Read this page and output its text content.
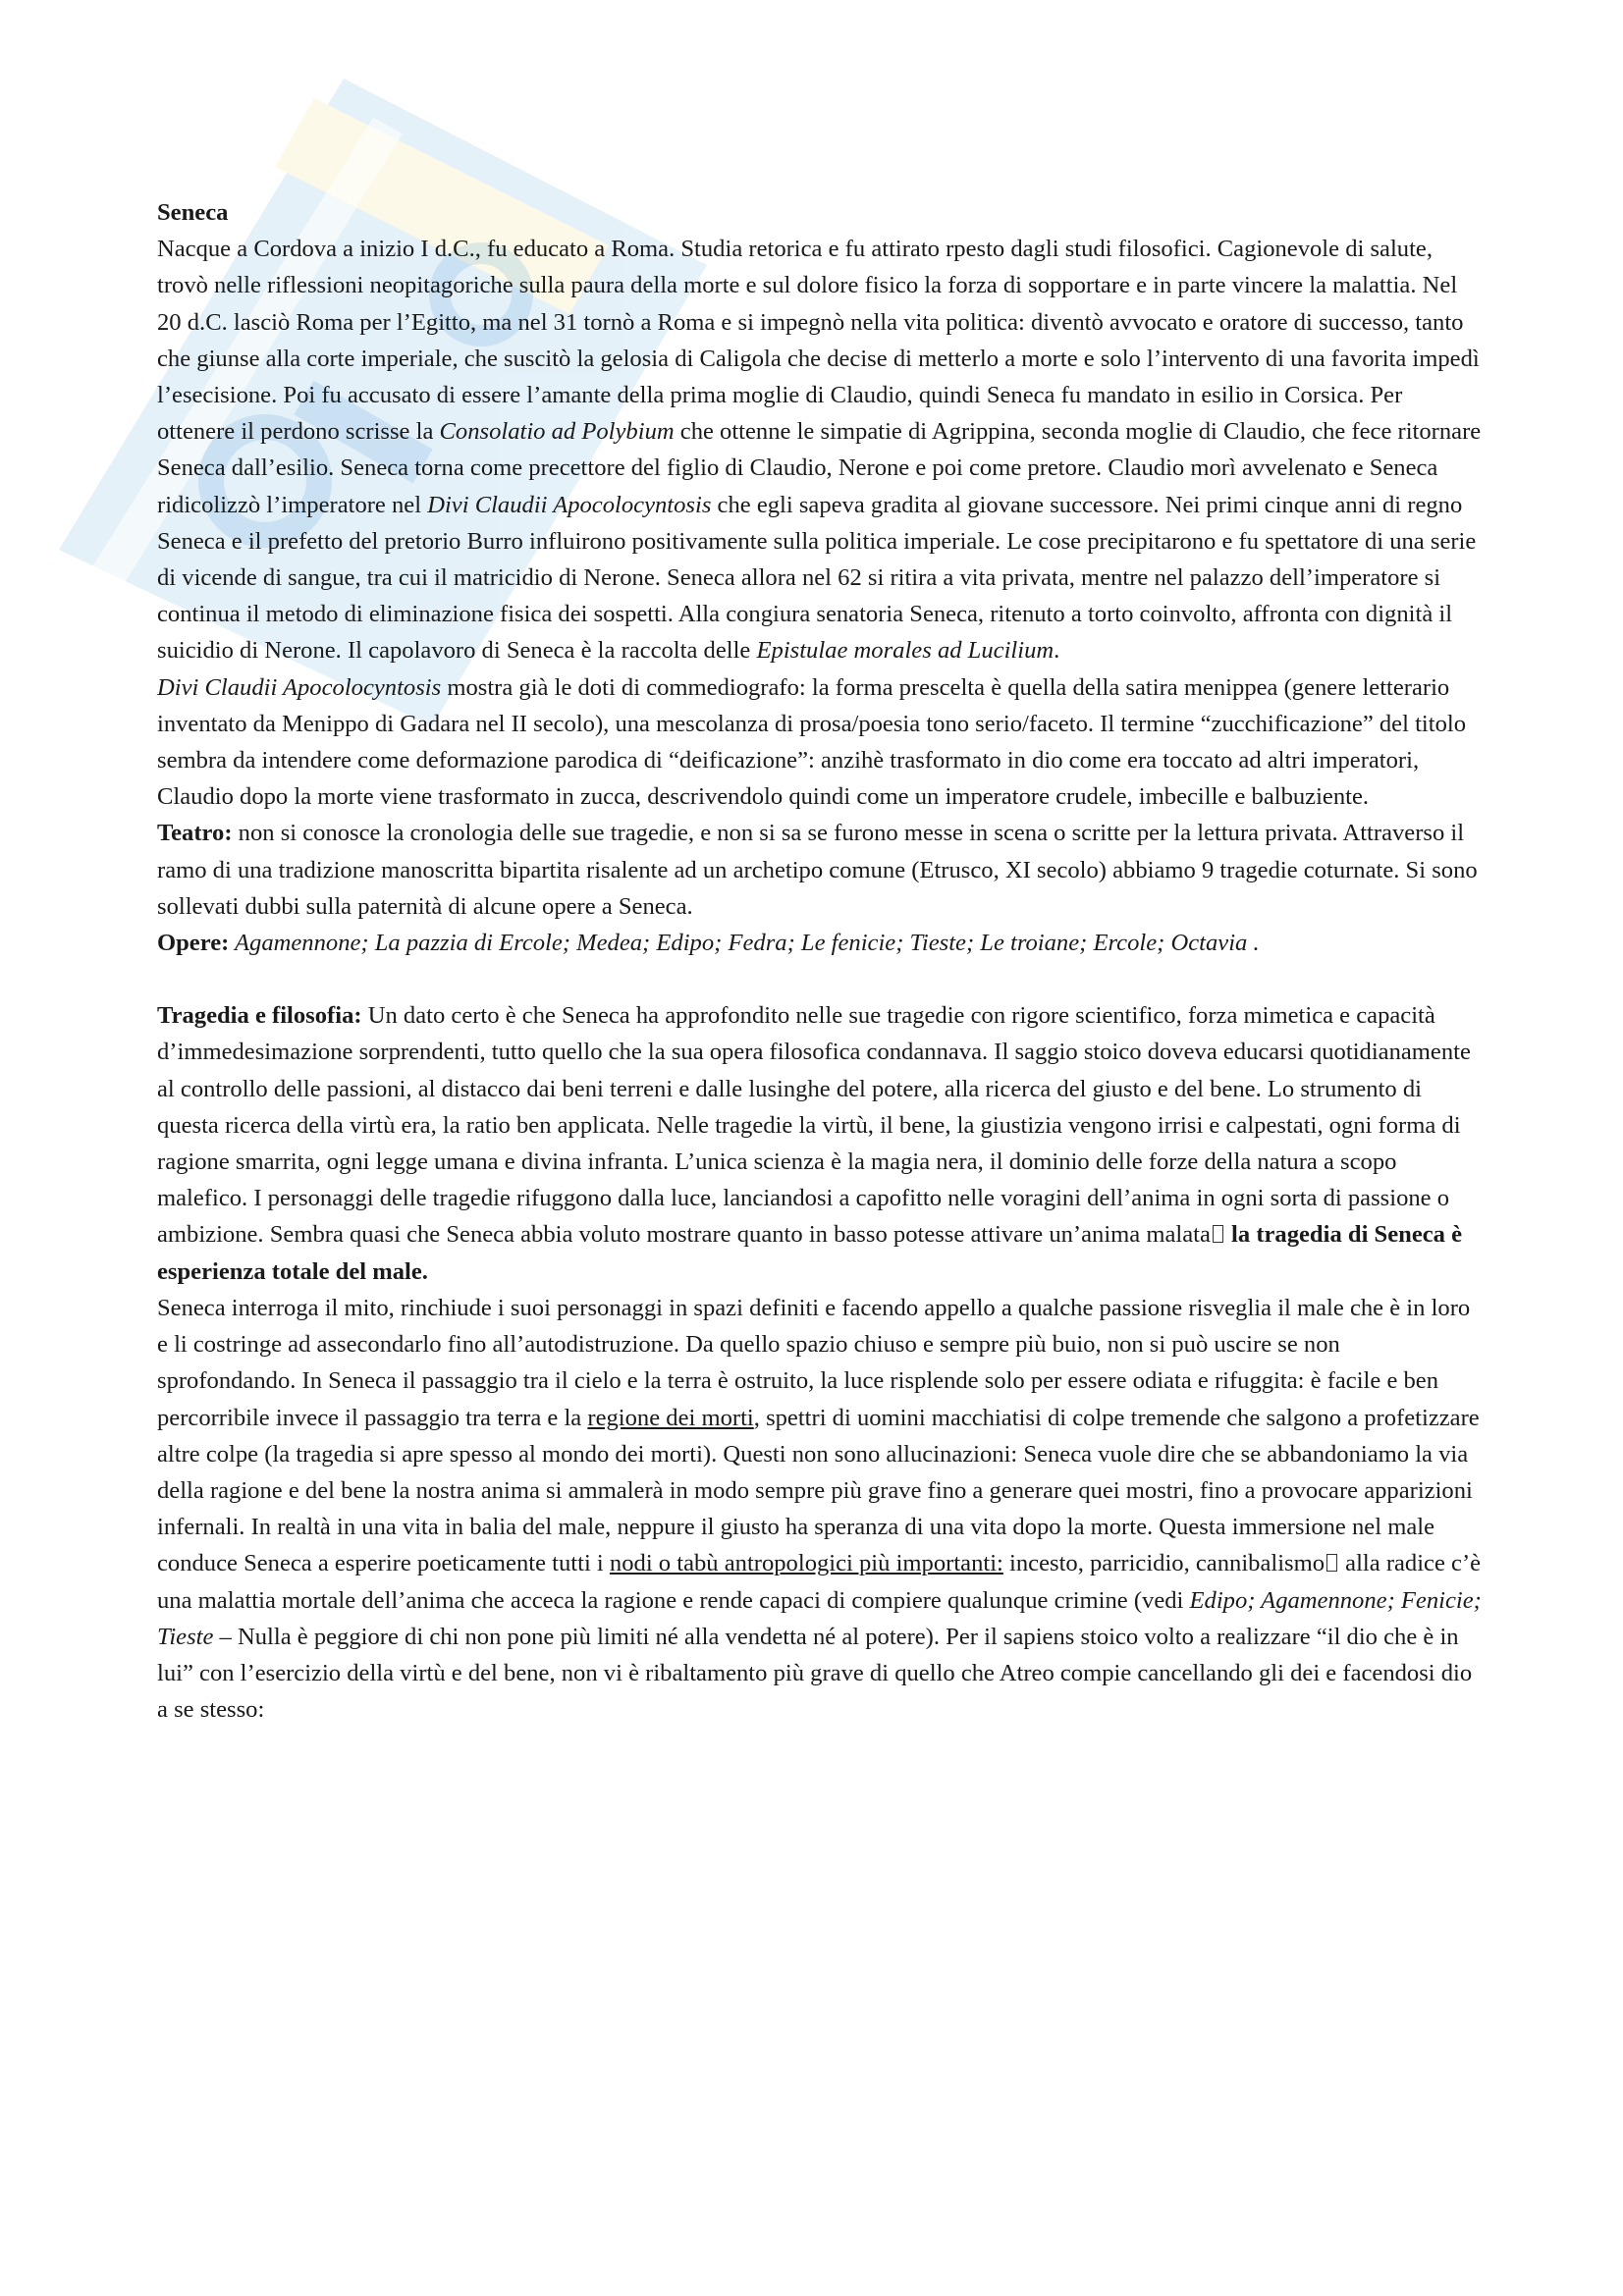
Seneca

Nacque a Cordova a inizio I d.C., fu educato a Roma. Studia retorica e fu attirato rpesto dagli studi filosofici. Cagionevole di salute, trovò nelle riflessioni neopitagoriche sulla paura della morte e sul dolore fisico la forza di sopportare e in parte vincere la malattia. Nel 20 d.C. lasciò Roma per l’Egitto, ma nel 31 tornò a Roma e si impegnò nella vita politica: diventò avvocato e oratore di successo, tanto che giunse alla corte imperiale, che suscitò la gelosia di Caligola che decise di metterlo a morte e solo l’intervento di una favorita impedì l’esecisione. Poi fu accusato di essere l’amante della prima moglie di Claudio, quindi Seneca fu mandato in esilio in Corsica. Per ottenere il perdono scrisse la Consolatio ad Polybium che ottenne le simpatie di Agrippina, seconda moglie di Claudio, che fece ritornare Seneca dall’esilio. Seneca torna come precettore del figlio di Claudio, Nerone e poi come pretore. Claudio morì avvelenato e Seneca ridicolizzò l’imperatore nel Divi Claudii Apocolocyntosis che egli sapeva gradita al giovane successore. Nei primi cinque anni di regno Seneca e il prefetto del pretorio Burro influirono positivamente sulla politica imperiale. Le cose precipitarono e fu spettatore di una serie di vicende di sangue, tra cui il matricidio di Nerone. Seneca allora nel 62 si ritira a vita privata, mentre nel palazzo dell’imperatore si continua il metodo di eliminazione fisica dei sospetti. Alla congiura senatoria Seneca, ritenuto a torto coinvolto, affronta con dignità il suicidio di Nerone. Il capolavoro di Seneca è la raccolta delle Epistulae morales ad Lucilium.

Divi Claudii Apocolocyntosis mostra già le doti di commediografo: la forma prescelta è quella della satira menippea (genere letterario inventato da Menippo di Gadara nel II secolo), una mescolanza di prosa/poesia tono serio/faceto. Il termine “zucchificazione” del titolo sembra da intendere come deformazione parodica di “deificazione”: anzihè trasformato in dio come era toccato ad altri imperatori, Claudio dopo la morte viene trasformato in zucca, descrivendolo quindi come un imperatore crudele, imbecille e balbuziente.

Teatro: non si conosce la cronologia delle sue tragedie, e non si sa se furono messe in scena o scritte per la lettura privata. Attraverso il ramo di una tradizione manoscritta bipartita risalente ad un archetipo comune (Etrusco, XI secolo) abbiamo 9 tragedie coturnate. Si sono sollevati dubbi sulla paternità di alcune opere a Seneca.

Opere: Agamennone; La pazzia di Ercole; Medea; Edipo; Fedra; Le fenicie; Tieste; Le troiane; Ercole; Octavia .

Tragedia e filosofia: Un dato certo è che Seneca ha approfondito nelle sue tragedie con rigore scientifico, forza mimetica e capacità d’immedesimazione sorprendenti, tutto quello che la sua opera filosofica condannava. Il saggio stoico doveva educarsi quotidianamente al controllo delle passioni, al distacco dai beni terreni e dalle lusinghe del potere, alla ricerca del giusto e del bene. Lo strumento di questa ricerca della virtù era, la ratio ben applicata. Nelle tragedie la virtù, il bene, la giustizia vengono irrisi e calpestati, ogni forma di ragione smarrita, ogni legge umana e divina infranta. L’unica scienza è la magia nera, il dominio delle forze della natura a scopo malefico. I personaggi delle tragedie rifuggono dalla luce, lanciandosi a capofitto nelle voragini dell’anima in ogni sorta di passione o ambizione. Sembra quasi che Seneca abbia voluto mostrare quanto in basso potesse attivare un’anima malata la tragedia di Seneca è esperienza totale del male.

Seneca interroga il mito, rinchiude i suoi personaggi in spazi definiti e facendo appello a qualche passione risveglia il male che è in loro e li costringe ad assecondarlo fino all’autodistruzione. Da quello spazio chiuso e sempre più buio, non si può uscire se non sprofondando. In Seneca il passaggio tra il cielo e la terra è ostruito, la luce risplende solo per essere odiata e rifuggita: è facile e ben percorribile invece il passaggio tra terra e la regione dei morti, spettri di uomini macchiatisi di colpe tremende che salgono a profetizzare altre colpe (la tragedia si apre spesso al mondo dei morti). Questi non sono allucinazioni: Seneca vuole dire che se abbandoniamo la via della ragione e del bene la nostra anima si ammalerà in modo sempre più grave fino a generare quei mostri, fino a provocare apparizioni infernali. In realtà in una vita in balia del male, neppure il giusto ha speranza di una vita dopo la morte. Questa immersione nel male conduce Seneca a esperire poeticamente tutti i nodi o tabù antropologici più importanti: incesto, parricidio, cannibalismo alla radice c’è una malattia mortale dell’anima che acceca la ragione e rende capaci di compiere qualunque crimine (vedi Edipo; Agamennone; Fenicie; Tieste – Nulla è peggiore di chi non pone più limiti né alla vendetta né al potere). Per il sapiens stoico volto a realizzare “il dio che è in lui” con l’esercizio della virtù e del bene, non vi è ribaltamento più grave di quello che Atreo compie cancellando gli dei e facendosi dio a se stesso:
